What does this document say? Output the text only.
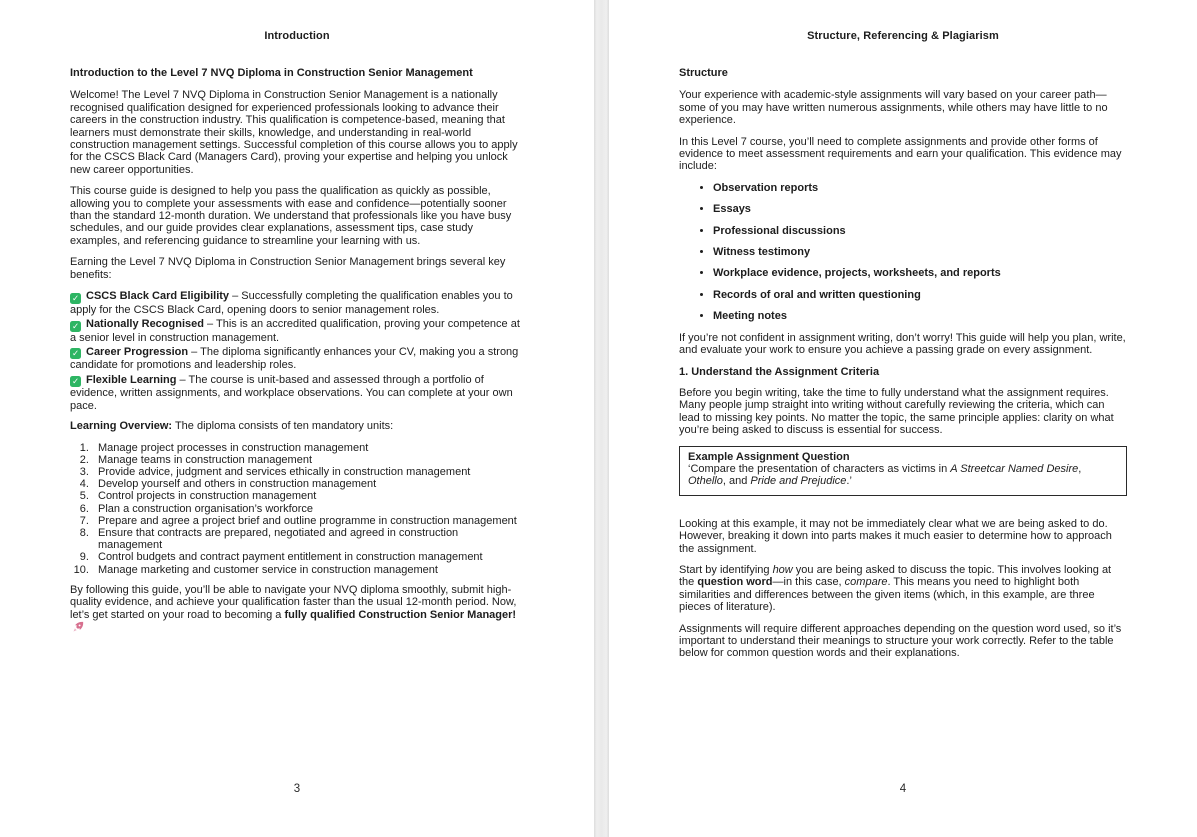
Introduction
Introduction to the Level 7 NVQ Diploma in Construction Senior Management
Welcome! The Level 7 NVQ Diploma in Construction Senior Management is a nationally recognised qualification designed for experienced professionals looking to advance their careers in the construction industry. This qualification is competence-based, meaning that learners must demonstrate their skills, knowledge, and understanding in real-world construction management settings. Successful completion of this course allows you to apply for the CSCS Black Card (Managers Card), proving your expertise and helping you unlock new career opportunities.
This course guide is designed to help you pass the qualification as quickly as possible, allowing you to complete your assessments with ease and confidence—potentially sooner than the standard 12-month duration. We understand that professionals like you have busy schedules, and our guide provides clear explanations, assessment tips, case study examples, and referencing guidance to streamline your learning with us.
Earning the Level 7 NVQ Diploma in Construction Senior Management brings several key benefits:
✓ CSCS Black Card Eligibility – Successfully completing the qualification enables you to apply for the CSCS Black Card, opening doors to senior management roles.
✓ Nationally Recognised – This is an accredited qualification, proving your competence at a senior level in construction management.
✓ Career Progression – The diploma significantly enhances your CV, making you a strong candidate for promotions and leadership roles.
✓ Flexible Learning – The course is unit-based and assessed through a portfolio of evidence, written assignments, and workplace observations. You can complete at your own pace.
Learning Overview: The diploma consists of ten mandatory units:
1. Manage project processes in construction management
2. Manage teams in construction management
3. Provide advice, judgment and services ethically in construction management
4. Develop yourself and others in construction management
5. Control projects in construction management
6. Plan a construction organisation’s workforce
7. Prepare and agree a project brief and outline programme in construction management
8. Ensure that contracts are prepared, negotiated and agreed in construction management
9. Control budgets and contract payment entitlement in construction management
10. Manage marketing and customer service in construction management
By following this guide, you’ll be able to navigate your NVQ diploma smoothly, submit high-quality evidence, and achieve your qualification faster than the usual 12-month period. Now, let’s get started on your road to becoming a fully qualified Construction Senior Manager!
3
Structure, Referencing & Plagiarism
Structure
Your experience with academic-style assignments will vary based on your career path—some of you may have written numerous assignments, while others may have little to no experience.
In this Level 7 course, you’ll need to complete assignments and provide other forms of evidence to meet assessment requirements and earn your qualification. This evidence may include:
• Observation reports
• Essays
• Professional discussions
• Witness testimony
• Workplace evidence, projects, worksheets, and reports
• Records of oral and written questioning
• Meeting notes
If you’re not confident in assignment writing, don’t worry! This guide will help you plan, write, and evaluate your work to ensure you achieve a passing grade on every assignment.
1. Understand the Assignment Criteria
Before you begin writing, take the time to fully understand what the assignment requires. Many people jump straight into writing without carefully reviewing the criteria, which can lead to missing key points. No matter the topic, the same principle applies: clarity on what you’re being asked to discuss is essential for success.
Example Assignment Question
‘Compare the presentation of characters as victims in A Streetcar Named Desire, Othello, and Pride and Prejudice.’
Looking at this example, it may not be immediately clear what we are being asked to do. However, breaking it down into parts makes it much easier to determine how to approach the assignment.
Start by identifying how you are being asked to discuss the topic. This involves looking at the question word—in this case, compare. This means you need to highlight both similarities and differences between the given items (which, in this example, are three pieces of literature).
Assignments will require different approaches depending on the question word used, so it’s important to understand their meanings to structure your work correctly. Refer to the table below for common question words and their explanations.
4
